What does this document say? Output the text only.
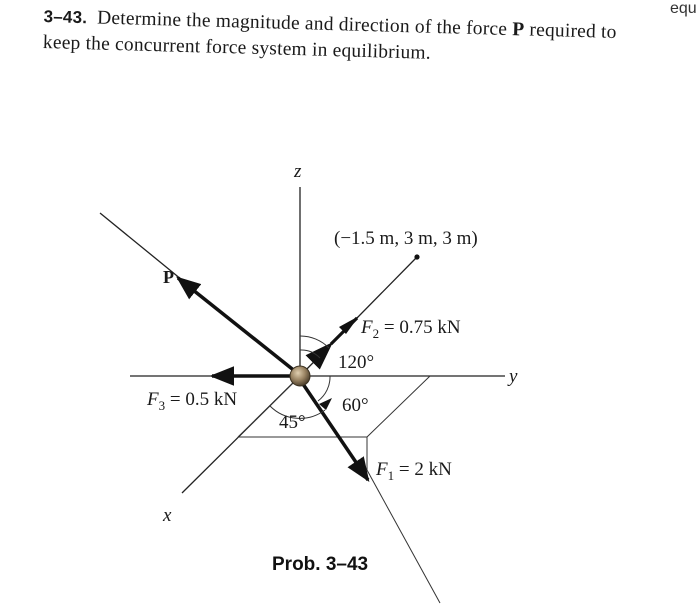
3–43. Determine the magnitude and direction of the force P required to keep the concurrent force system in equilibrium.
equ
z
y
x
(−1.5 m, 3 m, 3 m)
P
$F_2 = 0.75$ kN
$F_3 = 0.5$ kN
$F_1 = 2$ kN
120°
60°
45°
Prob. 3–43
